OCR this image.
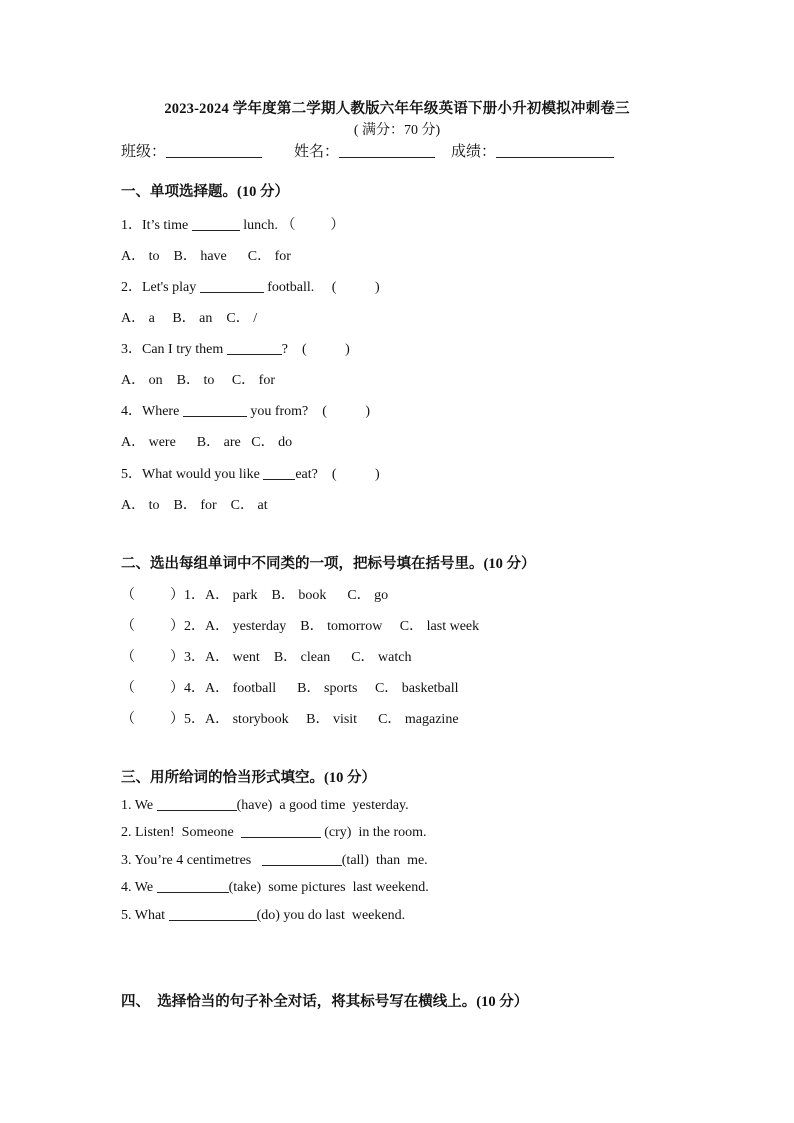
2023-2024 学年度第二学期人教版六年年级英语下册小升初模拟冲刺卷三
( 满分：70 分)
班级：	姓名：	成绩：
一、单项选择题。(10 分）
1．It’s time	lunch. （          ）
A． to    B． have      C． for
2．Let's play	football.     (           )
A． a     B． an    C． /
3．Can I try them	?    (           )
A． on    B． to     C． for
4．Where	you from?    (           )
A． were      B． are   C． do
5．What would you like eat?    (           )
A． to    B． for    C． at
二、选出每组单词中不同类的一项，把标号填在括号里。(10 分）
（          ）1．A． park    B． book      C． go
（          ）2．A． yesterday    B． tomorrow     C． last week
（          ）3．A． went    B． clean      C． watch
（          ）4．A． football      B． sports     C． basketball
（          ）5．A． storybook     B． visit      C． magazine
三、用所给词的恰当形式填空。(10 分）
1. We	(have)  a good time  yesterday.
2. Listen!  Someone	(cry)  in the room.
3. You’re 4 centimetres	(tall)  than  me.
4. We	(take)  some pictures  last weekend.
5. What	(do) you do last  weekend.
四、  选择恰当的句子补全对话，将其标号写在横线上。(10 分）
